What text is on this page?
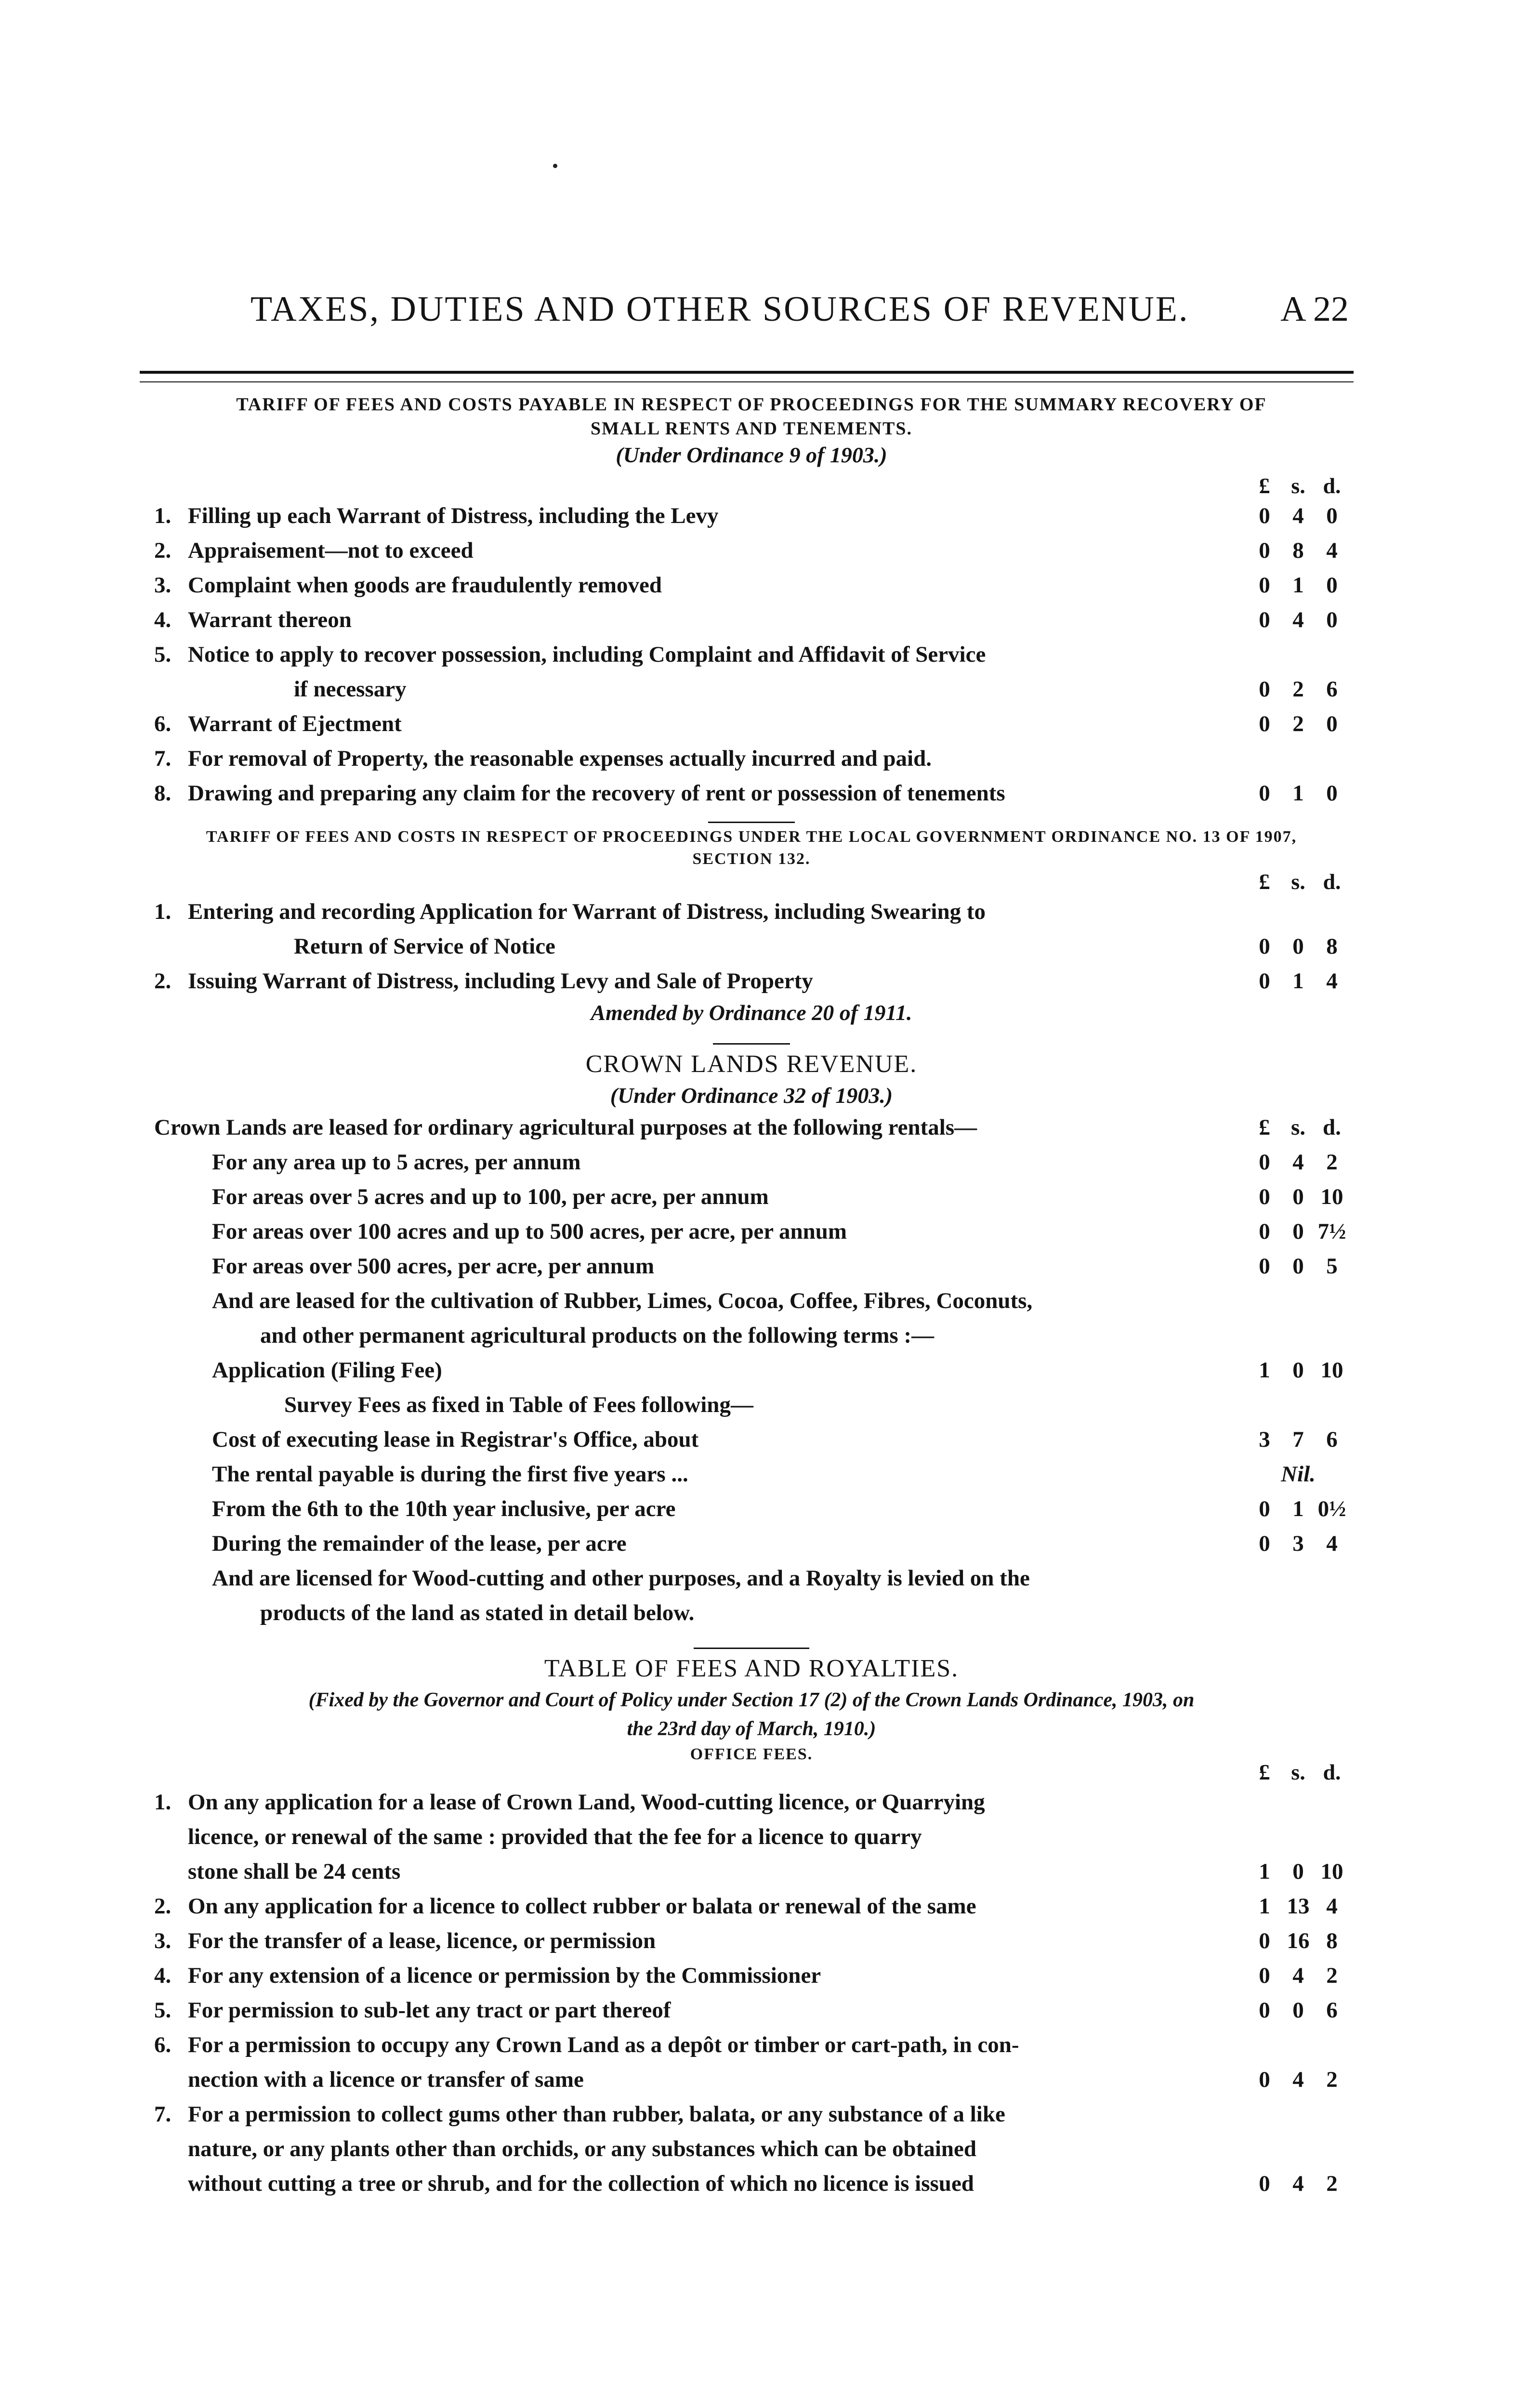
TAXES, DUTIES AND OTHER SOURCES OF REVENUE.	A 22
TARIFF OF FEES AND COSTS PAYABLE IN RESPECT OF PROCEEDINGS FOR THE SUMMARY RECOVERY OF SMALL RENTS AND TENEMENTS.
(Under Ordinance 9 of 1903.)
£ s. d.
1. Filling up each Warrant of Distress, including the Levy	0 4 0
2. Appraisement—not to exceed	0 8 4
3. Complaint when goods are fraudulently removed	0 1 0
4. Warrant thereon	0 4 0
5. Notice to apply to recover possession, including Complaint and Affidavit of Service
if necessary	0 2 6
6. Warrant of Ejectment	0 2 0
7. For removal of Property, the reasonable expenses actually incurred and paid.
8. Drawing and preparing any claim for the recovery of rent or possession of tenements	0 1 0
TARIFF OF FEES AND COSTS IN RESPECT OF PROCEEDINGS UNDER THE LOCAL GOVERNMENT ORDINANCE NO. 13 OF 1907, SECTION 132.
£ s. d.
1. Entering and recording Application for Warrant of Distress, including Swearing to
Return of Service of Notice	0 0 8
2. Issuing Warrant of Distress, including Levy and Sale of Property	0 1 4
Amended by Ordinance 20 of 1911.
CROWN LANDS REVENUE.
(Under Ordinance 32 of 1903.)
Crown Lands are leased for ordinary agricultural purposes at the following rentals—	£ s. d.
For any area up to 5 acres, per annum	0 4 2
For areas over 5 acres and up to 100, per acre, per annum	0 0 10
For areas over 100 acres and up to 500 acres, per acre, per annum	0 0 7½
For areas over 500 acres, per acre, per annum	0 0 5
And are leased for the cultivation of Rubber, Limes, Cocoa, Coffee, Fibres, Coconuts,
and other permanent agricultural products on the following terms :—
Application (Filing Fee)	1 0 10
Survey Fees as fixed in Table of Fees following—
Cost of executing lease in Registrar's Office, about	3 7 6
The rental payable is during the first five years ...	Nil.
From the 6th to the 10th year inclusive, per acre	0 1 0½
During the remainder of the lease, per acre	0 3 4
And are licensed for Wood-cutting and other purposes, and a Royalty is levied on the
products of the land as stated in detail below.
TABLE OF FEES AND ROYALTIES.
(Fixed by the Governor and Court of Policy under Section 17 (2) of the Crown Lands Ordinance, 1903, on
the 23rd day of March, 1910.)
OFFICE FEES.
£ s. d.
1. On any application for a lease of Crown Land, Wood-cutting licence, or Quarrying
licence, or renewal of the same : provided that the fee for a licence to quarry
stone shall be 24 cents	1 0 10
2. On any application for a licence to collect rubber or balata or renewal of the same	1 13 4
3. For the transfer of a lease, licence, or permission	0 16 8
4. For any extension of a licence or permission by the Commissioner	0 4 2
5. For permission to sub-let any tract or part thereof	0 0 6
6. For a permission to occupy any Crown Land as a depôt or timber or cart-path, in con-
nection with a licence or transfer of same	0 4 2
7. For a permission to collect gums other than rubber, balata, or any substance of a like
nature, or any plants other than orchids, or any substances which can be obtained
without cutting a tree or shrub, and for the collection of which no licence is issued	0 4 2
